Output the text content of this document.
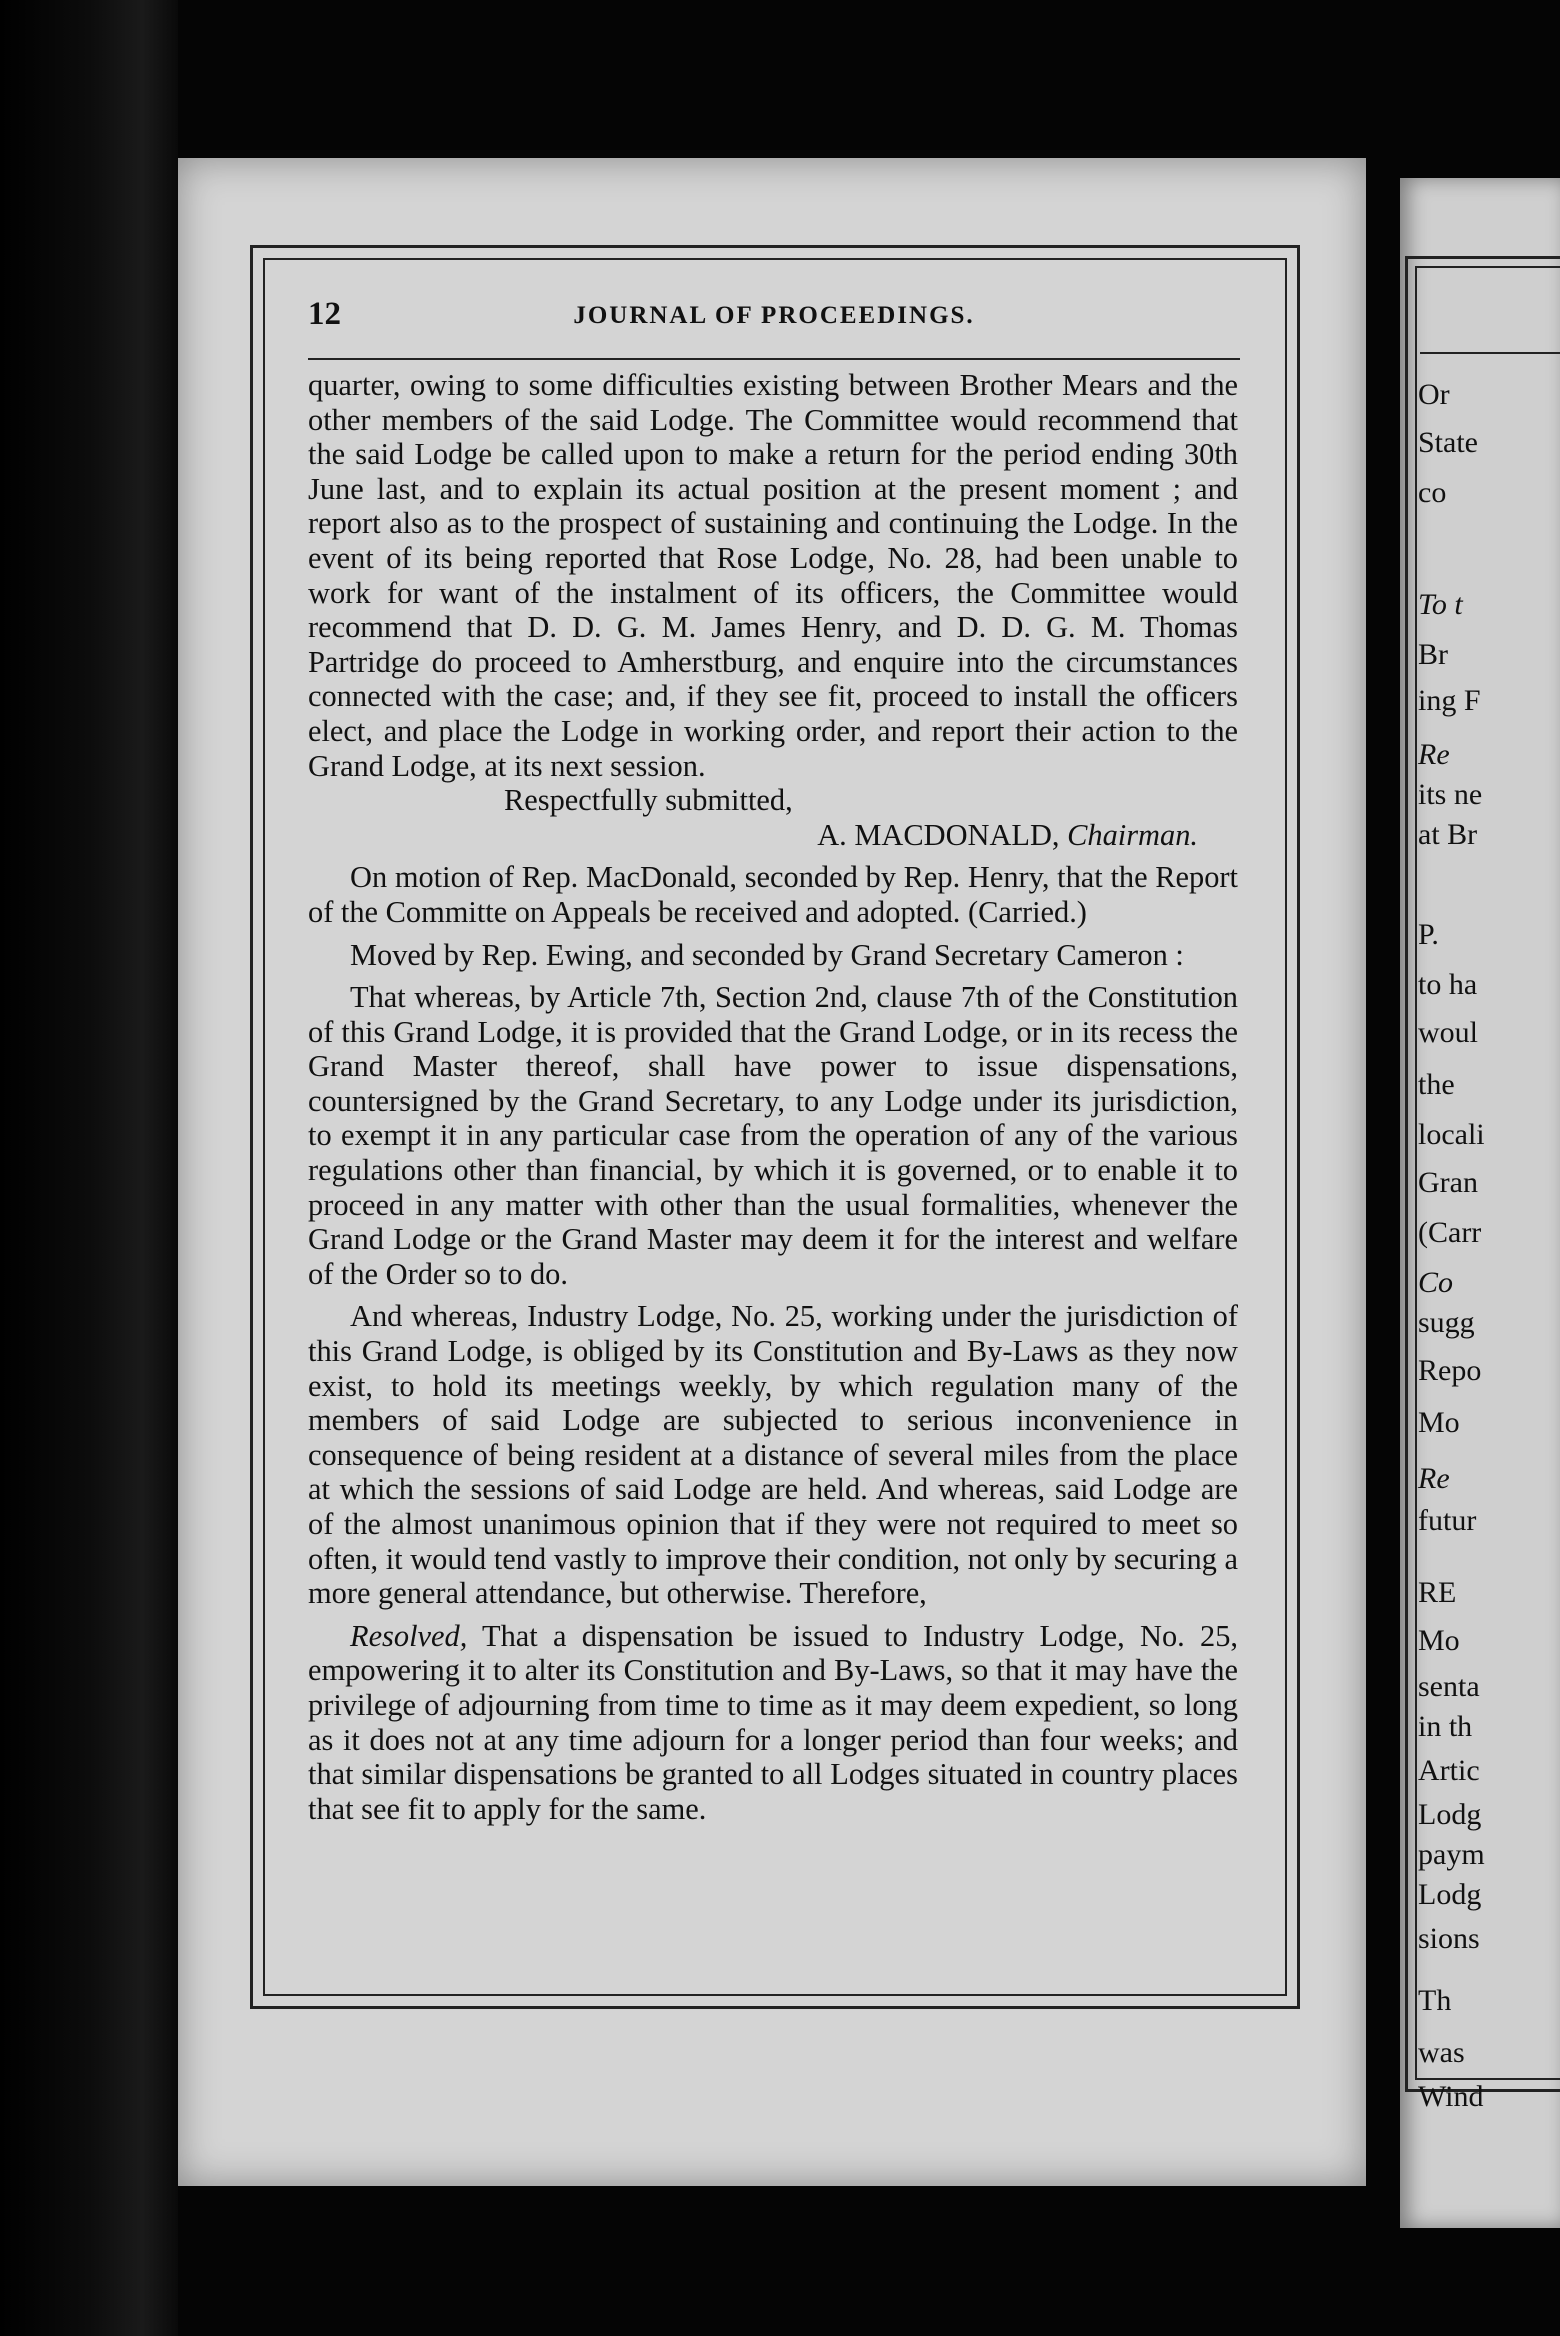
12	JOURNAL OF PROCEEDINGS.

quarter, owing to some difficulties existing between Brother Mears and the other members of the said Lodge. The Committee would recommend that the said Lodge be called upon to make a return for the period ending 30th June last, and to explain its actual position at the present moment ; and report also as to the prospect of sustaining and continuing the Lodge. In the event of its being reported that Rose Lodge, No. 28, had been unable to work for want of the instalment of its officers, the Committee would recommend that D. D. G. M. James Henry, and D. D. G. M. Thomas Partridge do proceed to Amherstburg, and enquire into the circumstances connected with the case; and, if they see fit, proceed to install the officers elect, and place the Lodge in working order, and report their action to the Grand Lodge, at its next session.

Respectfully submitted,

A. MACDONALD, Chairman.

On motion of Rep. MacDonald, seconded by Rep. Henry, that the Report of the Committe on Appeals be received and adopted. (Carried.)

Moved by Rep. Ewing, and seconded by Grand Secretary Cameron :

That whereas, by Article 7th, Section 2nd, clause 7th of the Constitution of this Grand Lodge, it is provided that the Grand Lodge, or in its recess the Grand Master thereof, shall have power to issue dispensations, countersigned by the Grand Secretary, to any Lodge under its jurisdiction, to exempt it in any particular case from the operation of any of the various regulations other than financial, by which it is governed, or to enable it to proceed in any matter with other than the usual formalities, whenever the Grand Lodge or the Grand Master may deem it for the interest and welfare of the Order so to do.

And whereas, Industry Lodge, No. 25, working under the jurisdiction of this Grand Lodge, is obliged by its Constitution and By-Laws as they now exist, to hold its meetings weekly, by which regulation many of the members of said Lodge are subjected to serious inconvenience in consequence of being resident at a distance of several miles from the place at which the sessions of said Lodge are held. And whereas, said Lodge are of the almost unanimous opinion that if they were not required to meet so often, it would tend vastly to improve their condition, not only by securing a more general attendance, but otherwise. Therefore,

Resolved, That a dispensation be issued to Industry Lodge, No. 25, empowering it to alter its Constitution and By-Laws, so that it may have the privilege of adjourning from time to time as it may deem expedient, so long as it does not at any time adjourn for a longer period than four weeks; and that similar dispensations be granted to all Lodges situated in country places that see fit to apply for the same.

Or
State
co
To t
Br
ing F
Re
its ne
at Br
P.
to ha
woul
the
locali
Gran
(Carr
Co
sugg
Repo
Mo
Re
futur
RE
Mo
senta
in th
Artic
Lodg
paym
Lodg
sions
Th
was
Wind
